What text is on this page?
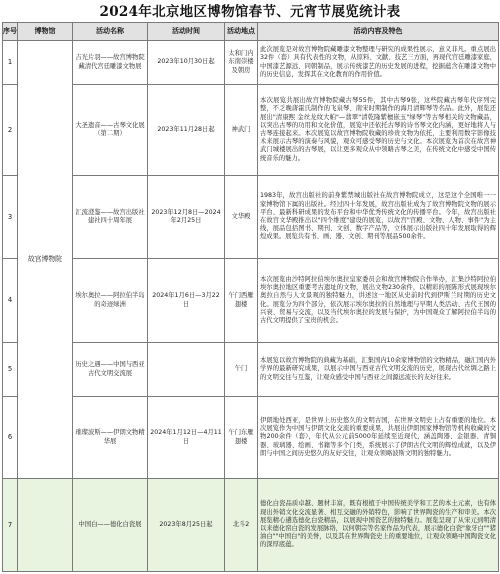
2024年北京地区博物馆春节、元宵节展览统计表
序号	博物馆	活动名称	活动时间	活动地点	活动内容及特色
1	故宫博物院	吉光片羽——故宫博物院藏清代宫廷雕漆文物展	2023年10月30日起	太和门内东南崇楼及朝房	此次展览是对故宫博物院藏雕漆文物整理与研究的成果性展示，意义非凡。重点展出32件（套）具有代表性的文物，从原料、文献、技艺三方面，再现代宫廷雕漆家庭，中国漆艺源远、同朝制品，展示传统漆艺的历史发展的进程，挖掘蕴含在雕漆文物中的历史信息，发挥其在文化教育的作用价值。
2		大圣遗音——古琴文化展（第二期）	2023年11月28日起	神武门	本次展览共展出故宫博物院藏古琴55件，其中古琴9张，这些院藏古琴年代序列完整，不乏晚唐霍氏制作的飞泉琴、南宋时期制作的海月清辉琴等名品。此外，展览还展出"清康熙 金丝龙纹大帕"—翡翠"清乾隆紫檀嵌玉"绿琴"等古琴相关的文物藏品，以突出古琴的功用和文化价值，展览中还依托古琴的诗书琴文化内涵，更好地将人与古琴连接起来。本次展览以故宫博物院收藏的珍贵文物为依托，主要利用数字影像技术来展示古琴的演奏与风貌，观众可感受琴的历史与文化。本次展览为首次在故宫神武门城楼展出的古琴展，以让更多观众从中领略古琴之美，在传统文化中感受中国传统音乐的魅力。
3		汇流澄鉴——故宫出版社建社四十周年展	2023年12月8日—2024年2月25日	文华殿	1983年，故宫出版社的前身紫禁城出版社在故宫博物院成立，这是这个全国唯一一家博物馆下属的出版社。经过四十年发展，故宫出版社成为了故宫博物院文物的展示平台、最新科研成果的发布平台和中华优秀传统文化的传播平台。今年，故宫出版社在故宫文华殿推出以"四个维度"建设的展览，以故宫"宫殿、文物、人物、事件"为主线，展品包括图书、期刊、文创、数字产品等，立体展示出版社四十年发展取得的辉煌成果。展览共有书、画、器、文创、期刊等展品500余件。
4		埃尔奥拉——阿拉伯半岛的奇迹绿洲	2024年1月6日—3月22日	午门西雁翅楼	本次展览由沙特阿拉伯埃尔奥拉皇家委员会和故宫博物院合作举办，汇集沙特阿拉伯埃尔奥拉地区重要考古遗址的文物，展出文物230余件，以精彩的展陈形式展现埃尔奥拉自然与人文景观的独特魅力，讲述这一地区从史前时代到伊斯兰时期的历史文化。展览分为四个部分，依次展示埃尔奥拉的自然地理与早期人类活动、古代王国的兴衰、贸易与交流，以及当代埃尔奥拉的发展与保护，为中国观众了解阿拉伯半岛的古代文明提供了宝贵的机会。
5		历史之遇——中国与西亚古代文明交流展		午门	本展览以故宫博物院的典藏为基础，汇集国内10余家博物馆的文物精品，融汇国内外学界的最新研究成果，以展示中国与西亚古代文明交流的历史，展现古代丝绸之路上的文明交往与互鉴，让观众感受中国与西亚之间源远流长的友好往来。
6		璀璨波斯——伊朗文物精华展	2024年1月12日—4月11日	午门东雁翅楼	伊朗地处西亚，是世界上历史悠久的文明古国，在世界文明史上占有重要的地位。本次展览作为中国与伊朗文化交流的重要成果，共展出伊朗国家博物馆等机构收藏的文物200余件（套），年代从公元前5000年延续至近现代，涵盖陶器、金银器、青铜器、玻璃器、绘画、书籍等多个门类，系统展示了伊朗古代文明的辉煌成就，以及伊朗与中国之间历史悠久的友好交往，让观众领略波斯文明的独特魅力。
7		中国白——德化白瓷展	2023年8月25日起	北斗2	德化白瓷品质卓越、题材丰富，既有根植于中国传统美学和工艺的本土元素，也有体现出外销文化交流显著、相互交融的外销特色，影响了世界陶瓷的生产和审美。本次展览精心遴选德化白瓷精品，以展现中国瓷艺的独特魅力。展览呈现了从宋元到明清以来德化窑白瓷的发展脉络，以何朝宗等名家作品为代表，展示德化白瓷"象牙白""猪油白""中国白"的美誉，以及其在世界陶瓷史上的重要地位，让观众领略中国陶瓷文化的深厚底蕴。
